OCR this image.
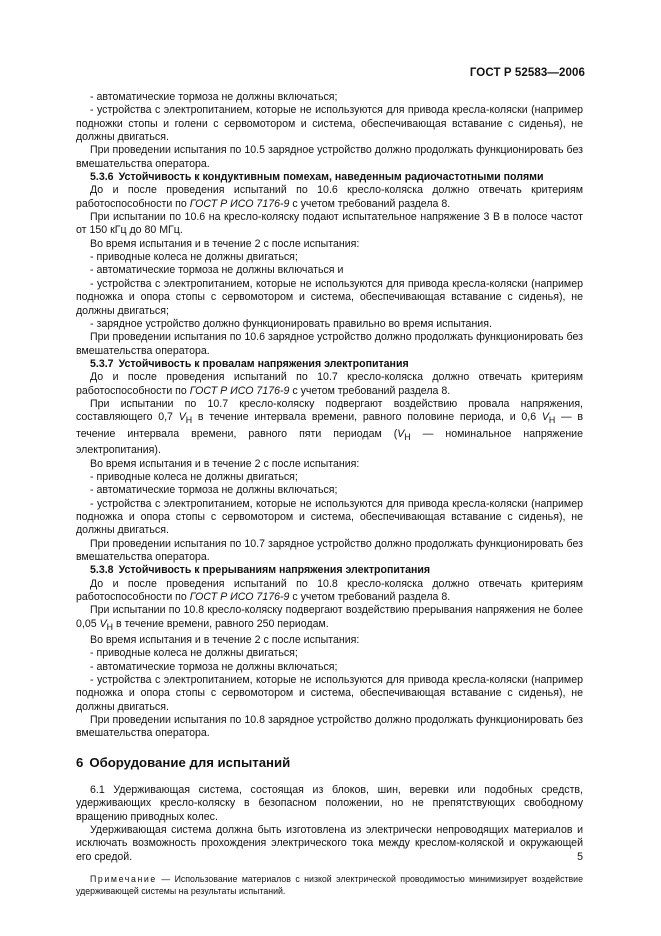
ГОСТ Р 52583—2006

- автоматические тормоза не должны включаться;

- устройства с электропитанием, которые не используются для привода кресла-коляски (например подножки стопы и голени с сервомотором и система, обеспечивающая вставание с сиденья), не должны двигаться.

При проведении испытания по 10.5 зарядное устройство должно продолжать функционировать без вмешательства оператора.

5.3.6 Устойчивость к кондуктивным помехам, наведенным радиочастотными полями

До и после проведения испытаний по 10.6 кресло-коляска должно отвечать критериям работоспособности по ГОСТ Р ИСО 7176-9 с учетом требований раздела 8.

При испытании по 10.6 на кресло-коляску подают испытательное напряжение 3 В в полосе частот от 150 кГц до 80 МГц.

Во время испытания и в течение 2 с после испытания:

- приводные колеса не должны двигаться;

- автоматические тормоза не должны включаться и

- устройства с электропитанием, которые не используются для привода кресла-коляски (например подножка и опора стопы с сервомотором и система, обеспечивающая вставание с сиденья), не должны двигаться;

- зарядное устройство должно функционировать правильно во время испытания.

При проведении испытания по 10.6 зарядное устройство должно продолжать функционировать без вмешательства оператора.

5.3.7 Устойчивость к провалам напряжения электропитания

До и после проведения испытаний по 10.7 кресло-коляска должно отвечать критериям работоспособности по ГОСТ Р ИСО 7176-9 с учетом требований раздела 8.

При испытании по 10.7 кресло-коляску подвергают воздействию провала напряжения, составляющего 0,7 $V_Н$ в течение интервала времени, равного половине периода, и 0,6 $V_Н$ — в течение интервала времени, равного пяти периодам ($V_Н$ — номинальное напряжение электропитания).

Во время испытания и в течение 2 с после испытания:

- приводные колеса не должны двигаться;

- автоматические тормоза не должны включаться;

- устройства с электропитанием, которые не используются для привода кресла-коляски (например подножка и опора стопы с сервомотором и система, обеспечивающая вставание с сиденья), не должны двигаться.

При проведении испытания по 10.7 зарядное устройство должно продолжать функционировать без вмешательства оператора.

5.3.8 Устойчивость к прерываниям напряжения электропитания

До и после проведения испытаний по 10.8 кресло-коляска должно отвечать критериям работоспособности по ГОСТ Р ИСО 7176-9 с учетом требований раздела 8.

При испытании по 10.8 кресло-коляску подвергают воздействию прерывания напряжения не более 0,05 $V_Н$ в течение времени, равного 250 периодам.

Во время испытания и в течение 2 с после испытания:

- приводные колеса не должны двигаться;

- автоматические тормоза не должны включаться;

- устройства с электропитанием, которые не используются для привода кресла-коляски (например подножка и опора стопы с сервомотором и система, обеспечивающая вставание с сиденья), не должны двигаться.

При проведении испытания по 10.8 зарядное устройство должно продолжать функционировать без вмешательства оператора.

6 Оборудование для испытаний

6.1 Удерживающая система, состоящая из блоков, шин, веревки или подобных средств, удерживающих кресло-коляску в безопасном положении, но не препятствующих свободному вращению приводных колес.

Удерживающая система должна быть изготовлена из электрически непроводящих материалов и исключать возможность прохождения электрического тока между креслом-коляской и окружающей его средой.

Примечание — Использование материалов с низкой электрической проводимостью минимизирует воздействие удерживающей системы на результаты испытаний.

5
